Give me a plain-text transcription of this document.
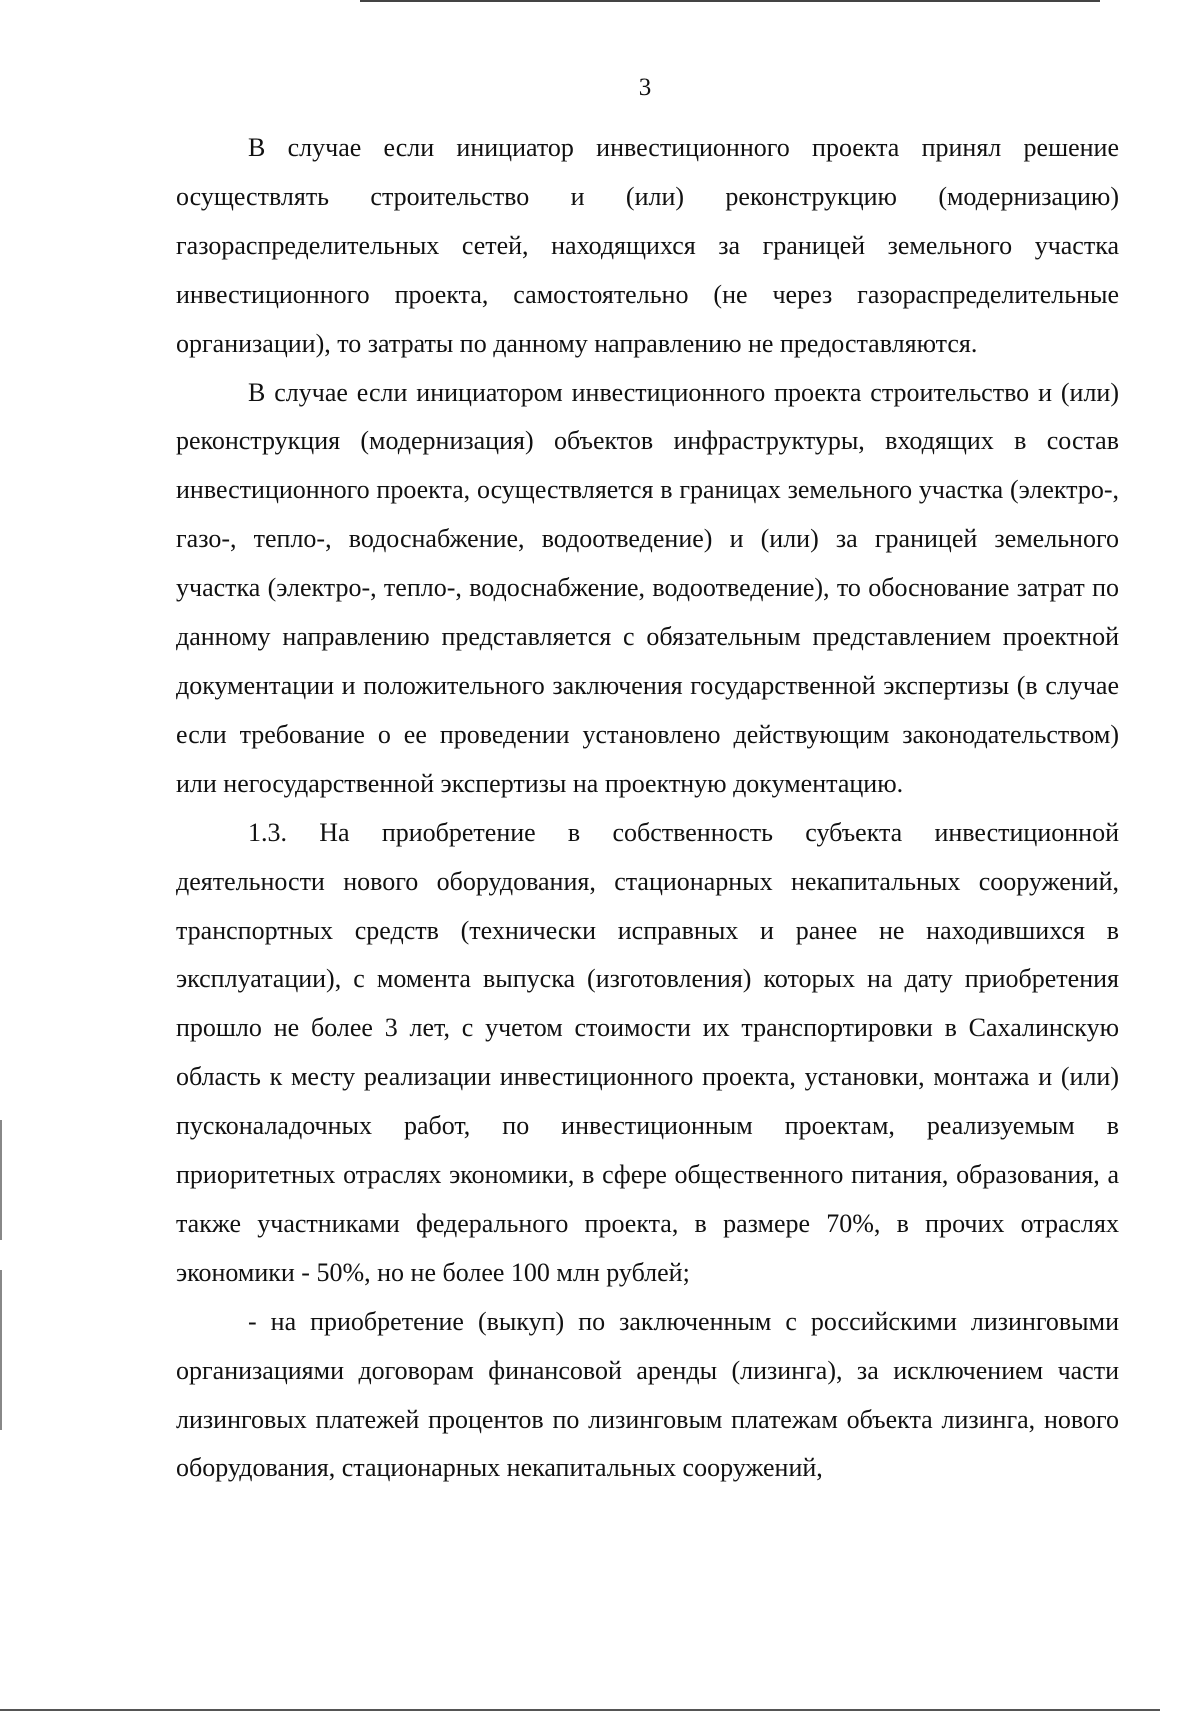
3

В случае если инициатор инвестиционного проекта принял решение осуществлять строительство и (или) реконструкцию (модернизацию) газораспределительных сетей, находящихся за границей земельного участка инвестиционного проекта, самостоятельно (не через газораспределительные организации), то затраты по данному направлению не предоставляются.

В случае если инициатором инвестиционного проекта строительство и (или) реконструкция (модернизация) объектов инфраструктуры, входящих в состав инвестиционного проекта, осуществляется в границах земельного участка (электро-, газо-, тепло-, водоснабжение, водоотведение) и (или) за границей земельного участка (электро-, тепло-, водоснабжение, водоотведение), то обоснование затрат по данному направлению представляется с обязательным представлением проектной документации и положительного заключения государственной экспертизы (в случае если требование о ее проведении установлено действующим законодательством) или негосударственной экспертизы на проектную документацию.

1.3. На приобретение в собственность субъекта инвестиционной деятельности нового оборудования, стационарных некапитальных сооружений, транспортных средств (технически исправных и ранее не находившихся в эксплуатации), с момента выпуска (изготовления) которых на дату приобретения прошло не более 3 лет, с учетом стоимости их транспортировки в Сахалинскую область к месту реализации инвестиционного проекта, установки, монтажа и (или) пусконаладочных работ, по инвестиционным проектам, реализуемым в приоритетных отраслях экономики, в сфере общественного питания, образования, а также участниками федерального проекта, в размере 70%, в прочих отраслях экономики - 50%, но не более 100 млн рублей;

- на приобретение (выкуп) по заключенным с российскими лизинговыми организациями договорам финансовой аренды (лизинга), за исключением части лизинговых платежей процентов по лизинговым платежам объекта лизинга, нового оборудования, стационарных некапитальных сооружений,
